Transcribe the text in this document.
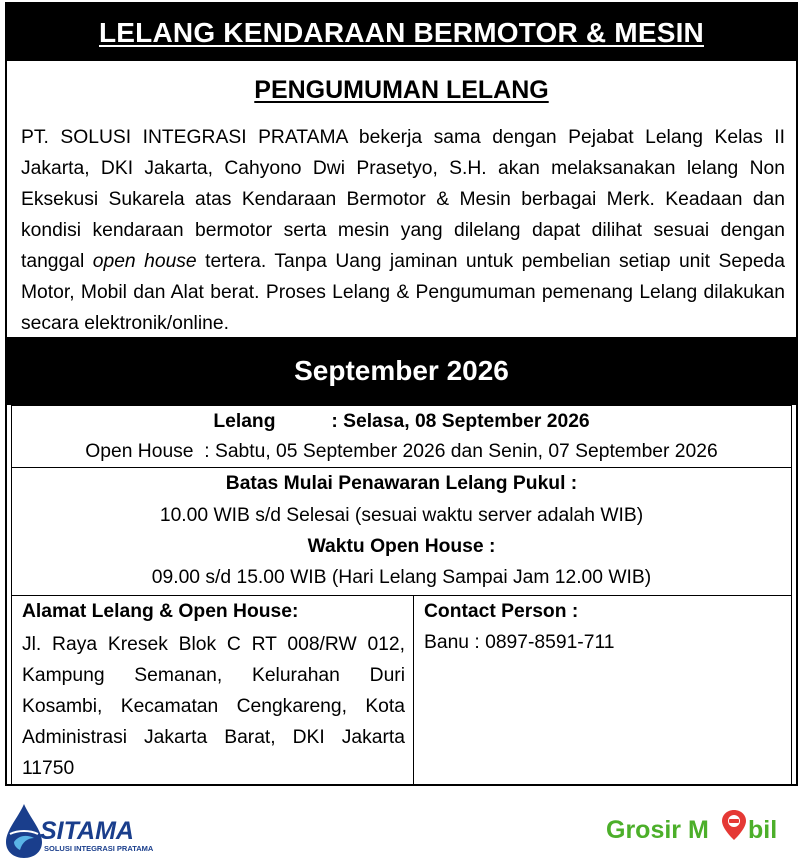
LELANG KENDARAAN BERMOTOR & MESIN
PENGUMUMAN LELANG

PT. SOLUSI INTEGRASI PRATAMA bekerja sama dengan Pejabat Lelang Kelas II Jakarta, DKI Jakarta, Cahyono Dwi Prasetyo, S.H. akan melaksanakan lelang Non Eksekusi Sukarela atas Kendaraan Bermotor & Mesin berbagai Merk. Keadaan dan kondisi kendaraan bermotor serta mesin yang dilelang dapat dilihat sesuai dengan tanggal open house tertera. Tanpa Uang jaminan untuk pembelian setiap unit Sepeda Motor, Mobil dan Alat berat. Proses Lelang & Pengumuman pemenang Lelang dilakukan secara elektronik/online.

September 2026
Lelang	: Selasa, 08 September 2026
Open House  : Sabtu, 05 September 2026 dan Senin, 07 September 2026
Batas Mulai Penawaran Lelang Pukul :
10.00 WIB s/d Selesai (sesuai waktu server adalah WIB)
Waktu Open House :
09.00 s/d 15.00 WIB (Hari Lelang Sampai Jam 12.00 WIB)
Alamat Lelang & Open House:

Jl. Raya Kresek Blok C RT 008/RW 012, Kampung Semanan, Kelurahan Duri Kosambi, Kecamatan Cengkareng, Kota Administrasi Jakarta Barat, DKI Jakarta 11750

Contact Person :
Banu : 0897-8591-711
SITAMA
SOLUSI INTEGRASI PRATAMA
Grosir M bil
